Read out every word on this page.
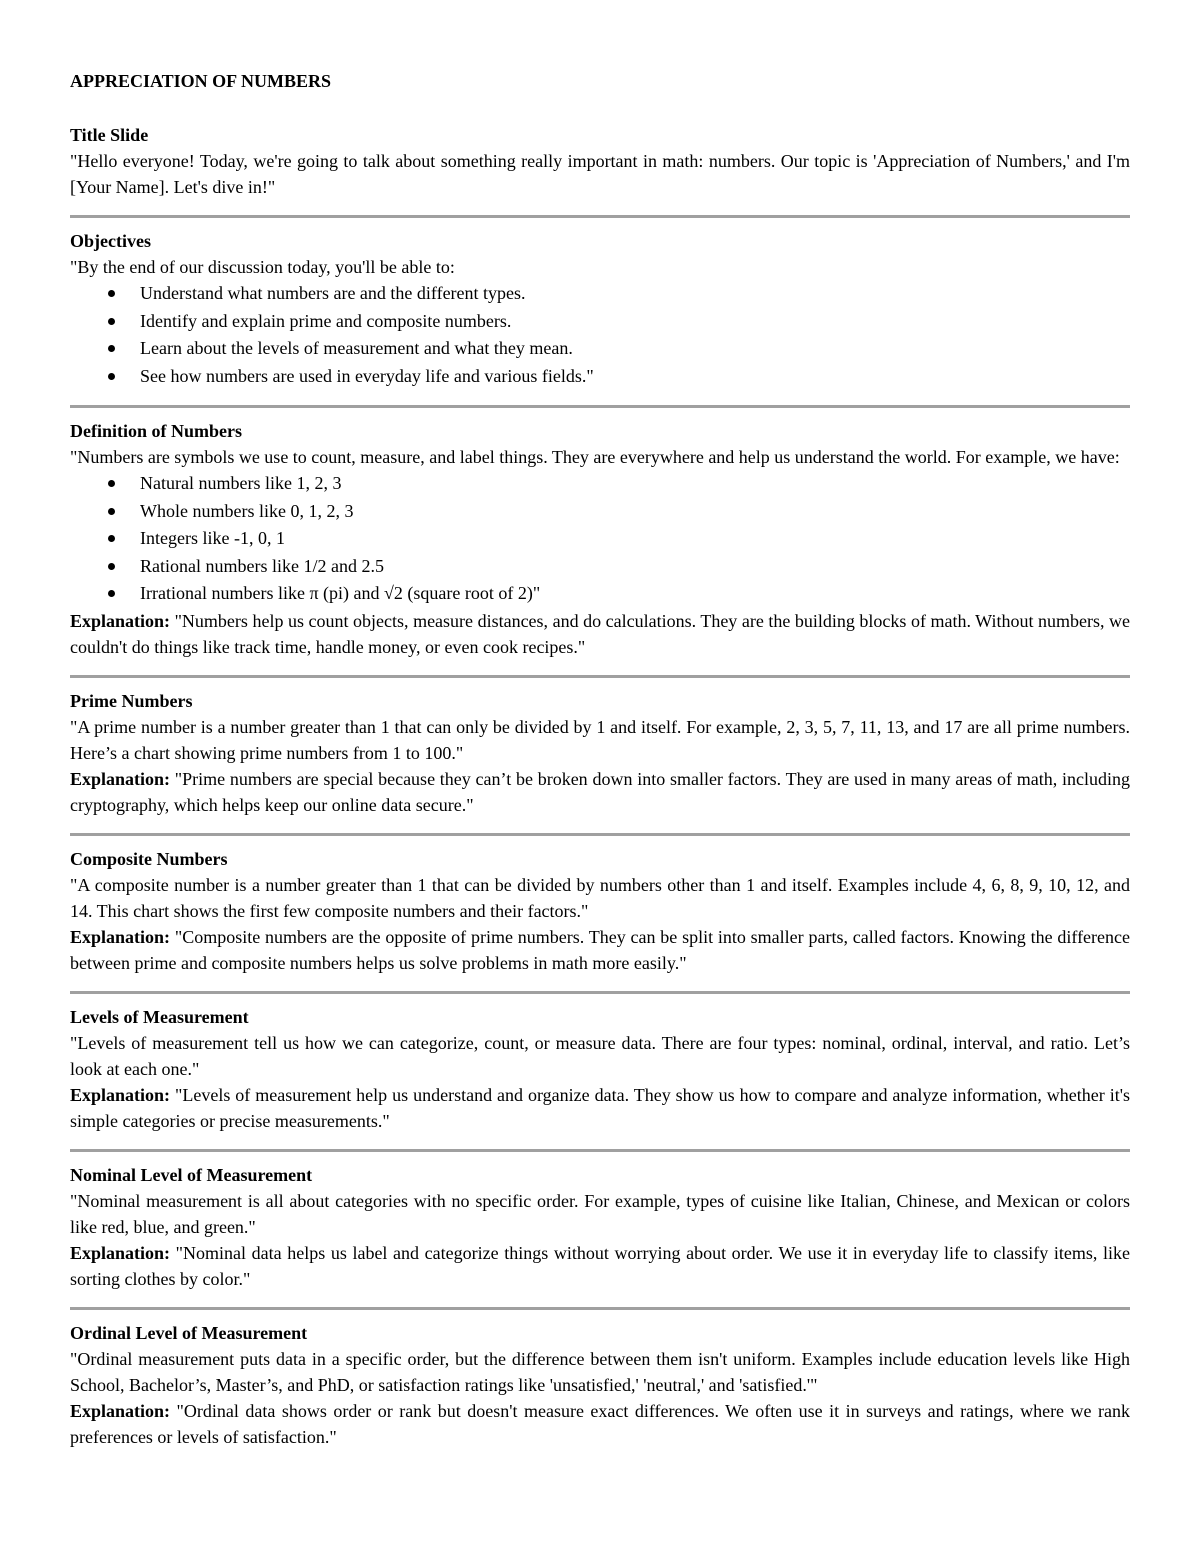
APPRECIATION OF NUMBERS
Title Slide

"Hello everyone! Today, we're going to talk about something really important in math: numbers. Our topic is 'Appreciation of Numbers,' and I'm [Your Name]. Let's dive in!"

Objectives

"By the end of our discussion today, you'll be able to:

Understand what numbers are and the different types.
Identify and explain prime and composite numbers.
Learn about the levels of measurement and what they mean.
See how numbers are used in everyday life and various fields."
Definition of Numbers

"Numbers are symbols we use to count, measure, and label things. They are everywhere and help us understand the world. For example, we have:

Natural numbers like 1, 2, 3
Whole numbers like 0, 1, 2, 3
Integers like -1, 0, 1
Rational numbers like 1/2 and 2.5
Irrational numbers like π (pi) and √2 (square root of 2)"

Explanation: "Numbers help us count objects, measure distances, and do calculations. They are the building blocks of math. Without numbers, we couldn't do things like track time, handle money, or even cook recipes."

Prime Numbers

"A prime number is a number greater than 1 that can only be divided by 1 and itself. For example, 2, 3, 5, 7, 11, 13, and 17 are all prime numbers. Here’s a chart showing prime numbers from 1 to 100."

Explanation: "Prime numbers are special because they can’t be broken down into smaller factors. They are used in many areas of math, including cryptography, which helps keep our online data secure."

Composite Numbers

"A composite number is a number greater than 1 that can be divided by numbers other than 1 and itself. Examples include 4, 6, 8, 9, 10, 12, and 14. This chart shows the first few composite numbers and their factors."

Explanation: "Composite numbers are the opposite of prime numbers. They can be split into smaller parts, called factors. Knowing the difference between prime and composite numbers helps us solve problems in math more easily."

Levels of Measurement

"Levels of measurement tell us how we can categorize, count, or measure data. There are four types: nominal, ordinal, interval, and ratio. Let’s look at each one."

Explanation: "Levels of measurement help us understand and organize data. They show us how to compare and analyze information, whether it's simple categories or precise measurements."

Nominal Level of Measurement

"Nominal measurement is all about categories with no specific order. For example, types of cuisine like Italian, Chinese, and Mexican or colors like red, blue, and green."

Explanation: "Nominal data helps us label and categorize things without worrying about order. We use it in everyday life to classify items, like sorting clothes by color."

Ordinal Level of Measurement

"Ordinal measurement puts data in a specific order, but the difference between them isn't uniform. Examples include education levels like High School, Bachelor’s, Master’s, and PhD, or satisfaction ratings like 'unsatisfied,' 'neutral,' and 'satisfied.'"

Explanation: "Ordinal data shows order or rank but doesn't measure exact differences. We often use it in surveys and ratings, where we rank preferences or levels of satisfaction."
